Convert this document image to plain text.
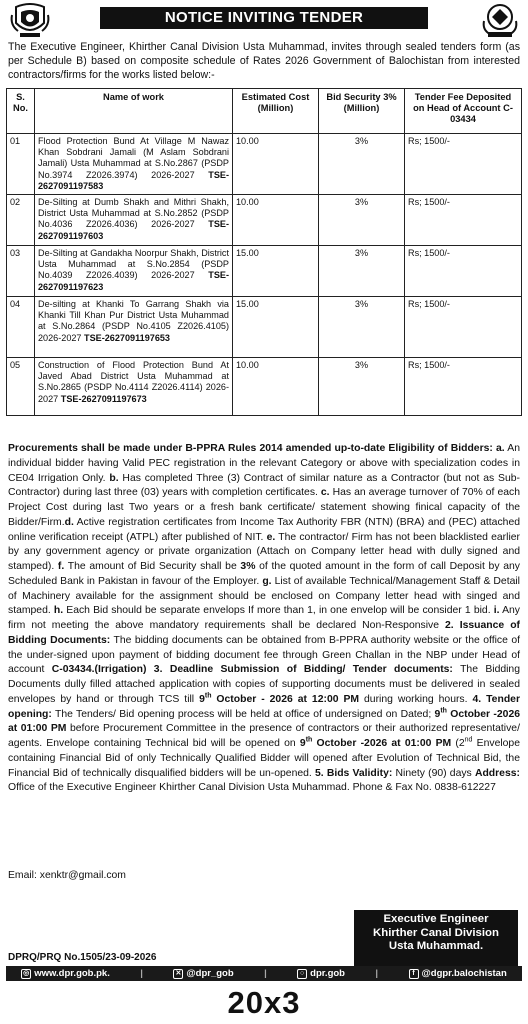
NOTICE INVITING TENDER

The Executive Engineer, Khirther Canal Division Usta Muhammad, invites through sealed tenders form (as per Schedule B) based on composite schedule of Rates 2026 Government of Balochistan from interested contractors/firms for the works listed below:-

S. No.	Name of work	Estimated Cost (Million)	Bid Security 3% (Million)	Tender Fee Deposited on Head of Account C-03434
01	Flood Protection Bund At Village M Nawaz Khan Sobdrani Jamali (M Aslam Sobdrani Jamali) Usta Muhammad at S.No.2867 (PSDP No.3974 Z2026.3974) 2026-2027 TSE-2627091197583	10.00	3%	Rs; 1500/-
02	De-Silting at Dumb Shakh and Mithri Shakh, District Usta Muhammad at S.No.2852 (PSDP No.4036 Z2026.4036) 2026-2027 TSE-2627091197603	10.00	3%	Rs; 1500/-
03	De-Silting at Gandakha Noorpur Shakh, District Usta Muhammad at S.No.2854 (PSDP No.4039 Z2026.4039) 2026-2027 TSE-2627091197623	15.00	3%	Rs; 1500/-
04	De-silting at Khanki To Garrang Shakh via Khanki Till Khan Pur District Usta Muhammad at S.No.2864 (PSDP No.4105 Z2026.4105) 2026-2027 TSE-2627091197653	15.00	3%	Rs; 1500/-
05	Construction of Flood Protection Bund At Javed Abad District Usta Muhammad at S.No.2865 (PSDP No.4114 Z2026.4114) 2026-2027 TSE-2627091197673	10.00	3%	Rs; 1500/-

Procurements shall be made under B-PPRA Rules 2014 amended up-to-date Eligibility of Bidders: a. An individual bidder having Valid PEC registration in the relevant Category or above with specialization codes in CE04 Irrigation Only. b. Has completed Three (3) Contract of similar nature as a Contractor (but not as Sub- Contractor) during last three (03) years with completion certificates. c. Has an average turnover of 70% of each Project Cost during last Two years or a fresh bank certificate/ statement showing finical capacity of the Bidder/Firm.d. Active registration certificates from Income Tax Authority FBR (NTN) (BRA) and (PEC) attached online verification receipt (ATPL) after published of NIT. e. The contractor/ Firm has not been blacklisted earlier by any government agency or private organization (Attach on Company letter head with dully signed and stamped). f. The amount of Bid Security shall be 3% of the quoted amount in the form of call Deposit by any Scheduled Bank in Pakistan in favour of the Employer. g. List of available Technical/Management Staff & Detail of Machinery available for the assignment should be enclosed on Company letter head with singed and stamped. h. Each Bid should be separate envelops If more than 1, in one envelop will be consider 1 bid. i. Any firm not meeting the above mandatory requirements shall be declared Non-Responsive 2. Issuance of Bidding Documents: The bidding documents can be obtained from B-PPRA authority website or the office of the under-signed upon payment of bidding document fee through Green Challan in the NBP under Head of account C-03434.(Irrigation) 3. Deadline Submission of Bidding/ Tender documents: The Bidding Documents dully filled attached application with copies of supporting documents must be delivered in sealed envelopes by hand or through TCS till 9th October - 2026 at 12:00 PM during working hours. 4. Tender opening: The Tenders/ Bid opening process will be held at office of undersigned on Dated; 9th October -2026 at 01:00 PM before Procurement Committee in the presence of contractors or their authorized representative/ agents. Envelope containing Technical bid will be opened on 9th October -2026 at 01:00 PM (2nd Envelope containing Financial Bid of only Technically Qualified Bidder will opened after Evolution of Technical Bid, the Financial Bid of technically disqualified bidders will be un-opened. 5. Bids Validity: Ninety (90) days Address: Office of the Executive Engineer Khirther Canal Division Usta Muhammad. Phone & Fax No. 0838-612227

Email: xenktr@gmail.com
Executive Engineer
Khirther Canal Division
Usta Muhammad.
DPRQ/PRQ No.1505/23-09-2026
◎ www.dpr.gob.pk.	|	✕ @dpr_gob	|	○ dpr.gob	|	f @dgpr.balochistan
20x3
